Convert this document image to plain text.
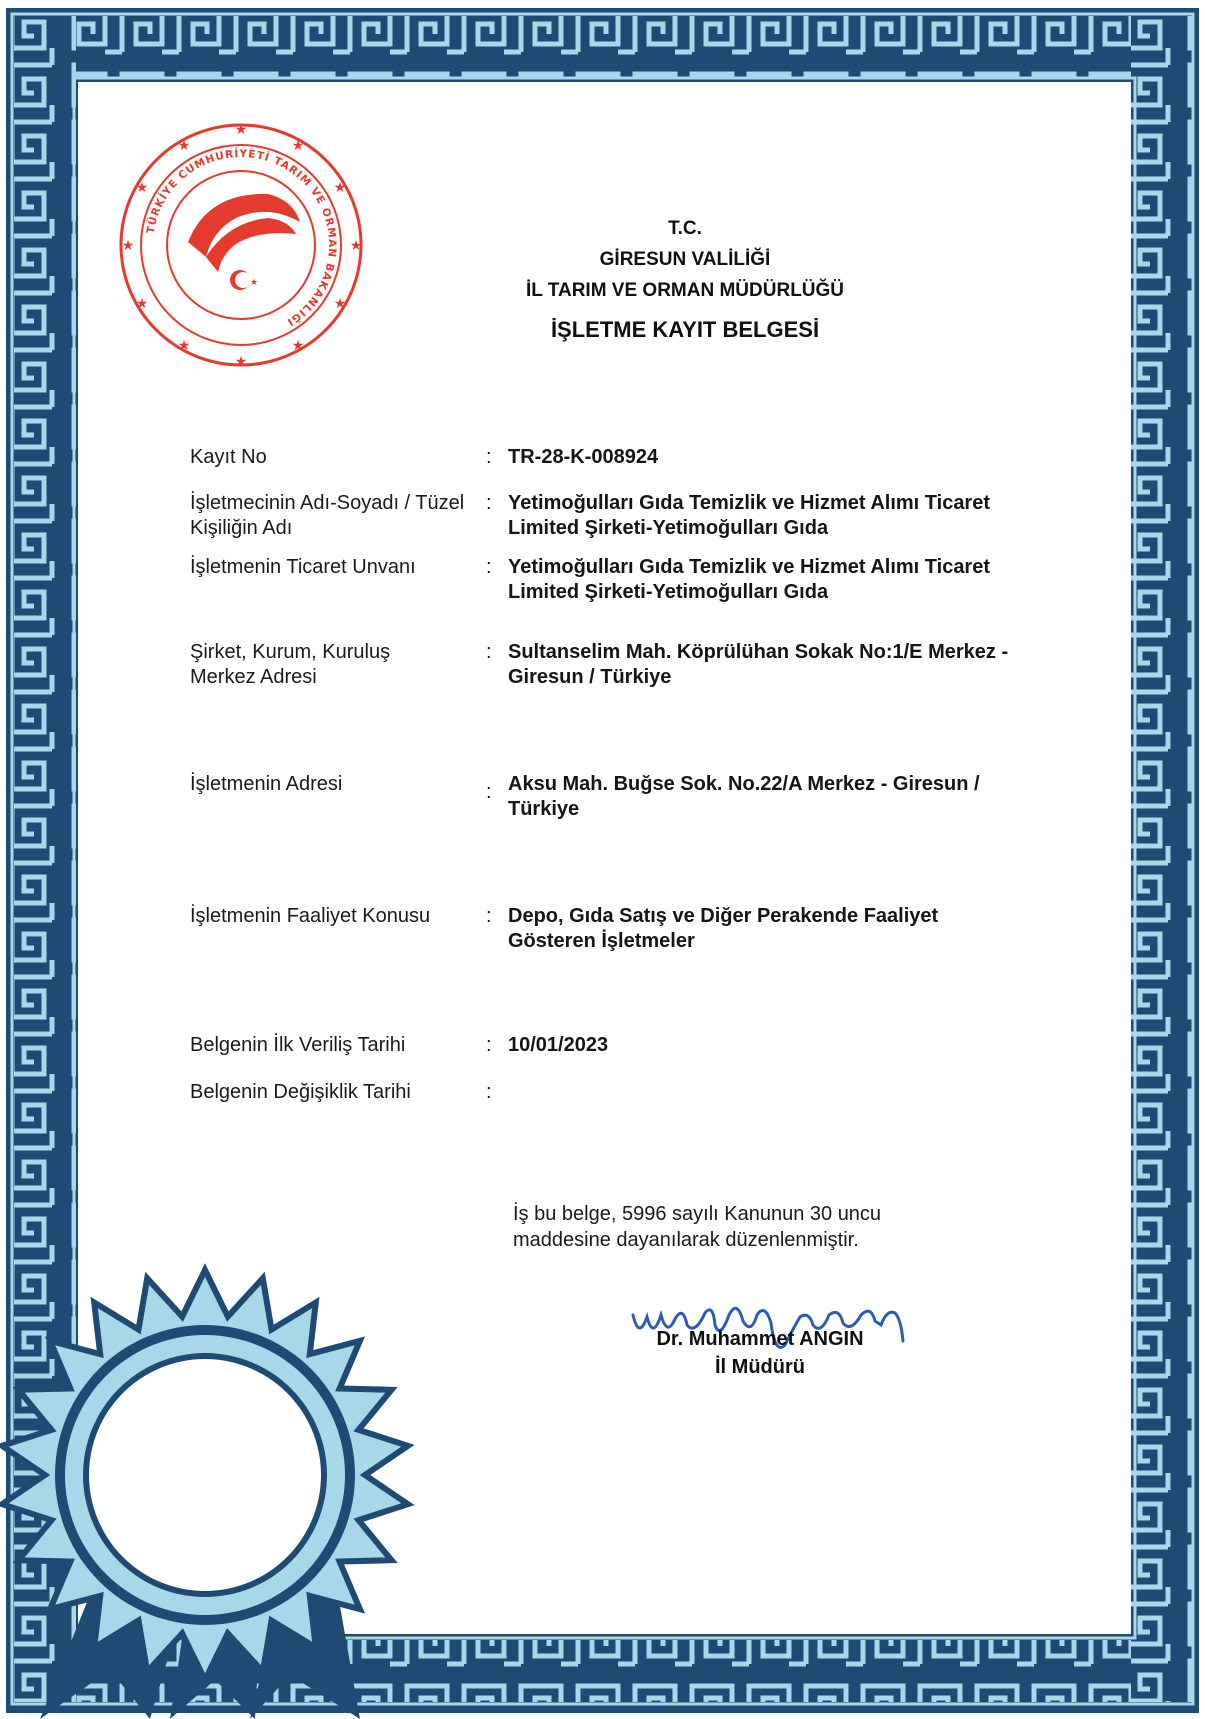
★
★
★
★
★
★
★
★
★
★
★
★
TÜRKİYE CUMHURİYETİ TARIM VE ORMAN BAKANLIĞI
★
T.C.
GİRESUN VALİLİĞİ
İL TARIM VE ORMAN MÜDÜRLÜĞÜ
İŞLETME KAYIT BELGESİ
Kayıt No	: TR-28-K-008924
İşletmecinin Adı-Soyadı / Tüzel Kişiliğin Adı
: Yetimoğulları Gıda Temizlik ve Hizmet Alımı Ticaret Limited Şirketi-Yetimoğulları Gıda
İşletmenin Ticaret Unvanı	: Yetimoğulları Gıda Temizlik ve Hizmet Alımı Ticaret Limited Şirketi-Yetimoğulları Gıda
Şirket, Kurum, Kuruluş Merkez Adresi
: Sultanselim Mah. Köprülühan Sokak No:1/E Merkez - Giresun / Türkiye
İşletmenin Adresi	: Aksu Mah. Buğse Sok. No.22/A Merkez - Giresun / Türkiye
İşletmenin Faaliyet Konusu	: Depo, Gıda Satış ve Diğer Perakende Faaliyet Gösteren İşletmeler
Belgenin İlk Veriliş Tarihi	: 10/01/2023
Belgenin Değişiklik Tarihi	:
İş bu belge, 5996 sayılı Kanunun 30 uncu maddesine dayanılarak düzenlenmiştir.
Dr. Muhammet ANGIN
İl Müdürü
